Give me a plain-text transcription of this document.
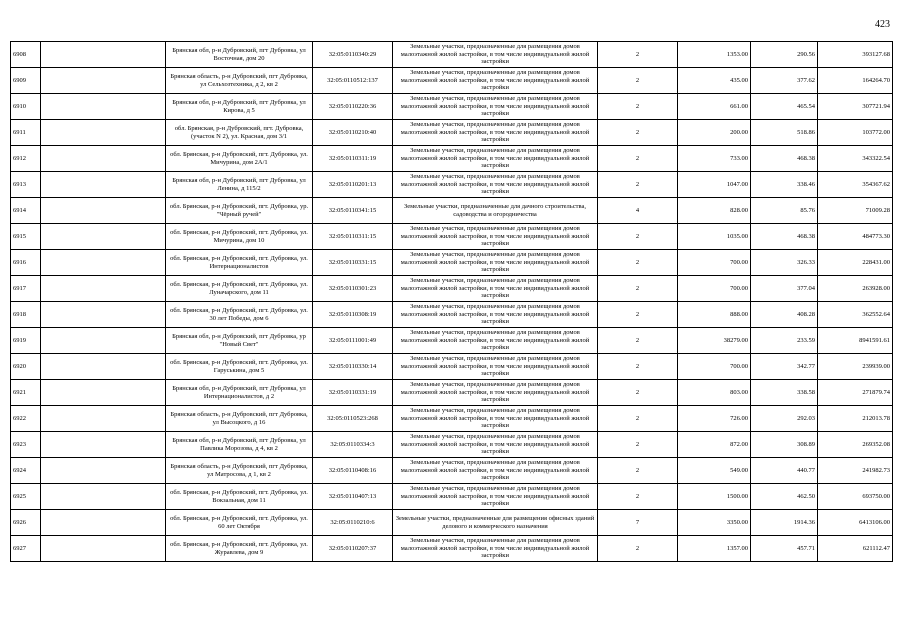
423
6908		Брянская обл, р-н Дубровский, пгт Дубровка, ул Восточная, дом 20	32:05:0110340:29	Земельные участки, предназначенные для размещения домов малоэтажной жилой застройки, в том числе индивидуальной жилой застройки	2	1353.00	290.56	393127.68
6909		Брянская область, р-н Дубровский, пгт Дубровка, ул Сельхозтехника, д 2, кв 2	32:05:0110512:137	Земельные участки, предназначенные для размещения домов малоэтажной жилой застройки, в том числе индивидуальной жилой застройки	2	435.00	377.62	164264.70
6910		Брянская обл, р-н Дубровский, пгт Дубровка, ул Кирова, д 5	32:05:0110220:36	Земельные участки, предназначенные для размещения домов малоэтажной жилой застройки, в том числе индивидуальной жилой застройки	2	661.00	465.54	307721.94
6911		обл. Брянская, р-н Дубровский, пгт. Дубровка, (участок N 2), ул. Красная, дом 3/1	32:05:0110210:40	Земельные участки, предназначенные для размещения домов малоэтажной жилой застройки, в том числе индивидуальной жилой застройки	2	200.00	518.86	103772.00
6912		обл. Брянская, р-н Дубровский, пгт. Дубровка, ул. Мичурина, дом 2А/1	32:05:0110311:19	Земельные участки, предназначенные для размещения домов малоэтажной жилой застройки, в том числе индивидуальной жилой застройки	2	733.00	468.38	343322.54
6913		Брянская обл, р-н Дубровский, пгт Дубровка, ул Ленина, д 115/2	32:05:0110201:13	Земельные участки, предназначенные для размещения домов малоэтажной жилой застройки, в том числе индивидуальной жилой застройки	2	1047.00	338.46	354367.62
6914		обл. Брянская, р-н Дубровский, пгт. Дубровка, ур. "Чёрный ручей"	32:05:0110341:15	Земельные участки, предназначенные для дачного строительства, садоводства и огородничества	4	828.00	85.76	71009.28
6915		обл. Брянская, р-н Дубровский, пгт. Дубровка, ул. Мичурина, дом 10	32:05:0110311:15	Земельные участки, предназначенные для размещения домов малоэтажной жилой застройки, в том числе индивидуальной жилой застройки	2	1035.00	468.38	484773.30
6916		обл. Брянская, р-н Дубровский, пгт. Дубровка, ул. Интернационалистов	32:05:0110331:15	Земельные участки, предназначенные для размещения домов малоэтажной жилой застройки, в том числе индивидуальной жилой застройки	2	700.00	326.33	228431.00
6917		обл. Брянская, р-н Дубровский, пгт. Дубровка, ул. Луначарского, дом 11	32:05:0110301:23	Земельные участки, предназначенные для размещения домов малоэтажной жилой застройки, в том числе индивидуальной жилой застройки	2	700.00	377.04	263928.00
6918		обл. Брянская, р-н Дубровский, пгт. Дубровка, ул. 30 лет Победы, дом 6	32:05:0110308:19	Земельные участки, предназначенные для размещения домов малоэтажной жилой застройки, в том числе индивидуальной жилой застройки	2	888.00	408.28	362552.64
6919		Брянская обл, р-н Дубровский, пгт Дубровка, ур "Новый Свет"	32:05:0111001:49	Земельные участки, предназначенные для размещения домов малоэтажной жилой застройки, в том числе индивидуальной жилой застройки	2	38279.00	233.59	8941591.61
6920		обл. Брянская, р-н Дубровский, пгт. Дубровка, ул. Гаруськина, дом 5	32:05:0110330:14	Земельные участки, предназначенные для размещения домов малоэтажной жилой застройки, в том числе индивидуальной жилой застройки	2	700.00	342.77	239939.00
6921		Брянская обл, р-н Дубровский, пгт Дубровка, ул Интернационалистов, д 2	32:05:0110331:19	Земельные участки, предназначенные для размещения домов малоэтажной жилой застройки, в том числе индивидуальной жилой застройки	2	803.00	338.58	271879.74
6922		Брянская область, р-н Дубровский, пгт Дубровка, ул Высоцкого, д 16	32:05:0110523:268	Земельные участки, предназначенные для размещения домов малоэтажной жилой застройки, в том числе индивидуальной жилой застройки	2	726.00	292.03	212013.78
6923		Брянская обл, р-н Дубровский, пгт Дубровка, ул Павлика Морозова, д 4, кв 2	32:05:0110334:3	Земельные участки, предназначенные для размещения домов малоэтажной жилой застройки, в том числе индивидуальной жилой застройки	2	872.00	308.89	269352.08
6924		Брянская область, р-н Дубровский, пгт Дубровка, ул Матросова, д 1, кв 2	32:05:0110408:16	Земельные участки, предназначенные для размещения домов малоэтажной жилой застройки, в том числе индивидуальной жилой застройки	2	549.00	440.77	241982.73
6925		обл. Брянская, р-н Дубровский, пгт. Дубровка, ул. Вокзальная, дом 11	32:05:0110407:13	Земельные участки, предназначенные для размещения домов малоэтажной жилой застройки, в том числе индивидуальной жилой застройки	2	1500.00	462.50	693750.00
6926		обл. Брянская, р-н Дубровский, пгт. Дубровка, ул. 60 лет Октября	32:05:0110210:6	Земельные участки, предназначенные для размещения офисных зданий делового и коммерческого назначения	7	3350.00	1914.36	6413106.00
6927		обл. Брянская, р-н Дубровский, пгт. Дубровка, ул. Журавлева, дом 9	32:05:0110207:37	Земельные участки, предназначенные для размещения домов малоэтажной жилой застройки, в том числе индивидуальной жилой застройки	2	1357.00	457.71	621112.47
